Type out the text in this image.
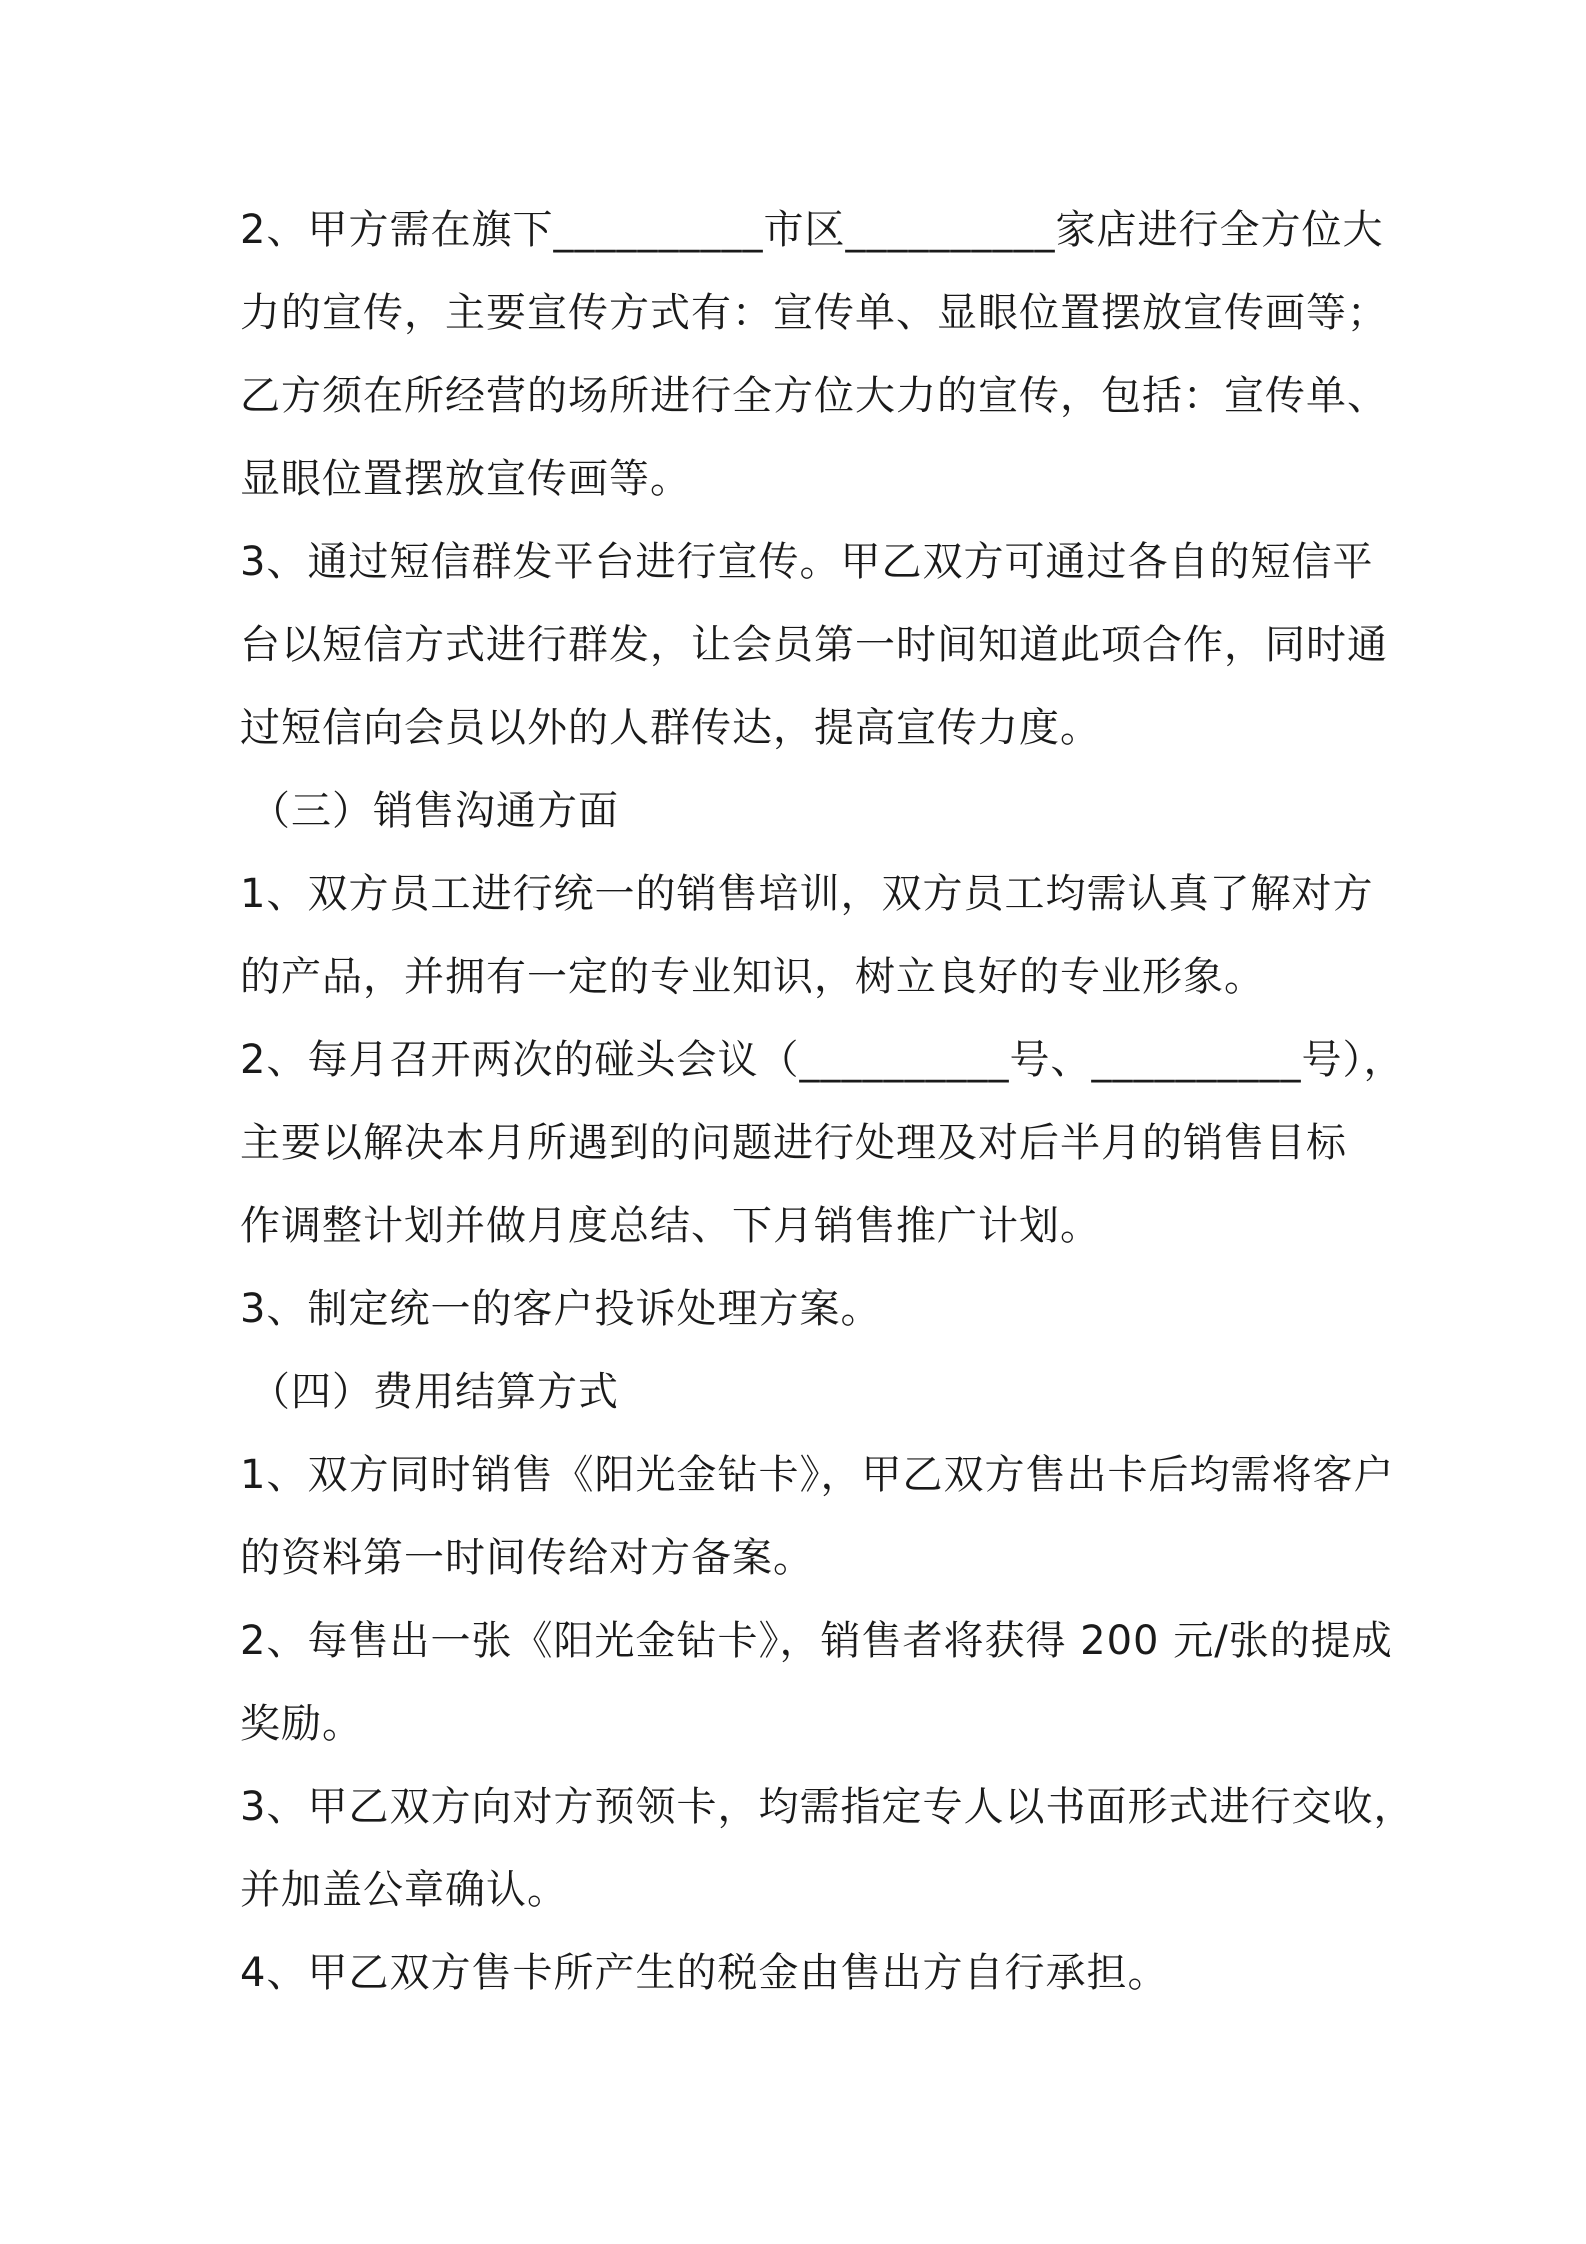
2、甲方需在旗下__________市区__________家店进行全方位大
力的宣传，主要宣传方式有：宣传单、显眼位置摆放宣传画等；
乙方须在所经营的场所进行全方位大力的宣传，包括：宣传单、
显眼位置摆放宣传画等。
3、通过短信群发平台进行宣传。甲乙双方可通过各自的短信平
台以短信方式进行群发，让会员第一时间知道此项合作，同时通
过短信向会员以外的人群传达，提高宣传力度。
（三）销售沟通方面
1、双方员工进行统一的销售培训，双方员工均需认真了解对方
的产品，并拥有一定的专业知识，树立良好的专业形象。
2、每月召开两次的碰头会议（__________号、__________号），
主要以解决本月所遇到的问题进行处理及对后半月的销售目标
作调整计划并做月度总结、下月销售推广计划。
3、制定统一的客户投诉处理方案。
（四）费用结算方式
1、双方同时销售《阳光金钻卡》，甲乙双方售出卡后均需将客户
的资料第一时间传给对方备案。
2、每售出一张《阳光金钻卡》，销售者将获得 200 元/张的提成
奖励。
3、甲乙双方向对方预领卡，均需指定专人以书面形式进行交收，
并加盖公章确认。
4、甲乙双方售卡所产生的税金由售出方自行承担。
